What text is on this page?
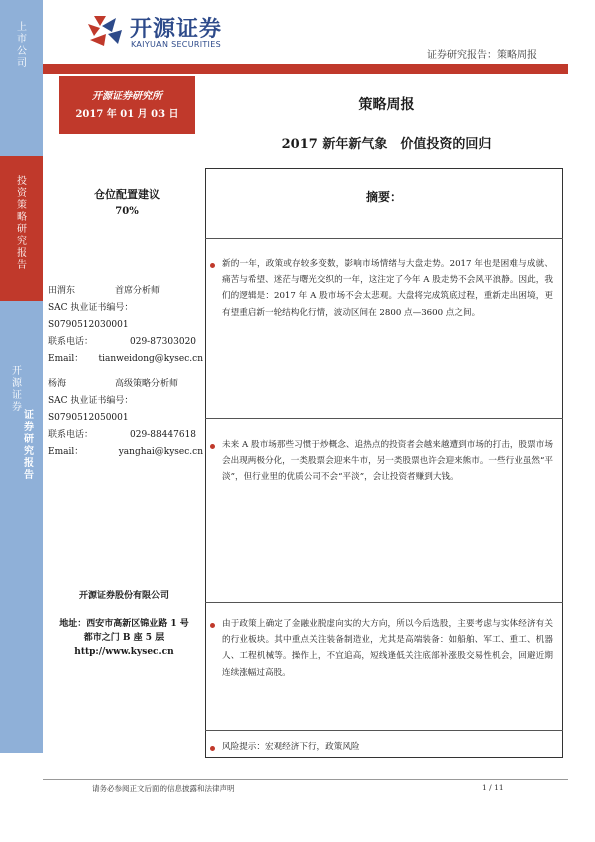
上市公司
投资策略研究报告
开源证券
证券研究报告
开源证券
KAIYUAN SECURITIES
证券研究报告：策略周报
开源证券研究所
2017 年 01 月 03 日
策略周报
2017 新年新气象　价值投资的回归
仓位配置建议
70%
田渭东	首席分析师
SAC 执业证书编号：
S0790512030001
联系电话：	029-87303020
Email： tianweidong@kysec.cn
杨海	高级策略分析师
SAC 执业证书编号：
S0790512050001
联系电话：	029-88447618
Email：	yanghai@kysec.cn
开源证券股份有限公司
地址：西安市高新区锦业路 1 号
都市之门 B 座 5 层
http://www.kysec.cn
摘要：
新的一年，政策或存较多变数，影响市场情绪与大盘走势。2017 年也是困难与成就、痛苦与希望、迷茫与曙光交织的一年，这注定了今年 A 股走势不会风平浪静。因此，我们的逻辑是：2017 年 A 股市场不会太悲观。大盘将完成筑底过程，重新走出困境，更有望重启新一轮结构化行情，波动区间在 2800 点—3600 点之间。
未来 A 股市场那些习惯于炒概念、追热点的投资者会越来越遭到市场的打击，股票市场会出现两极分化，一类股票会迎来牛市，另一类股票也许会迎来熊市。一些行业虽然“平淡”，但行业里的优质公司不会“平淡”，会让投资者赚到大钱。
由于政策上确定了金融业脱虚向实的大方向，所以今后选股，主要考虑与实体经济有关的行业板块。其中重点关注装备制造业，尤其是高端装备：如船舶、军工、重工、机器人、工程机械等。操作上，不宜追高，短线逢低关注底部补涨股交易性机会，回避近期连续涨幅过高股。
风险提示：宏观经济下行，政策风险
请务必参阅正文后面的信息披露和法律声明	1 / 11
